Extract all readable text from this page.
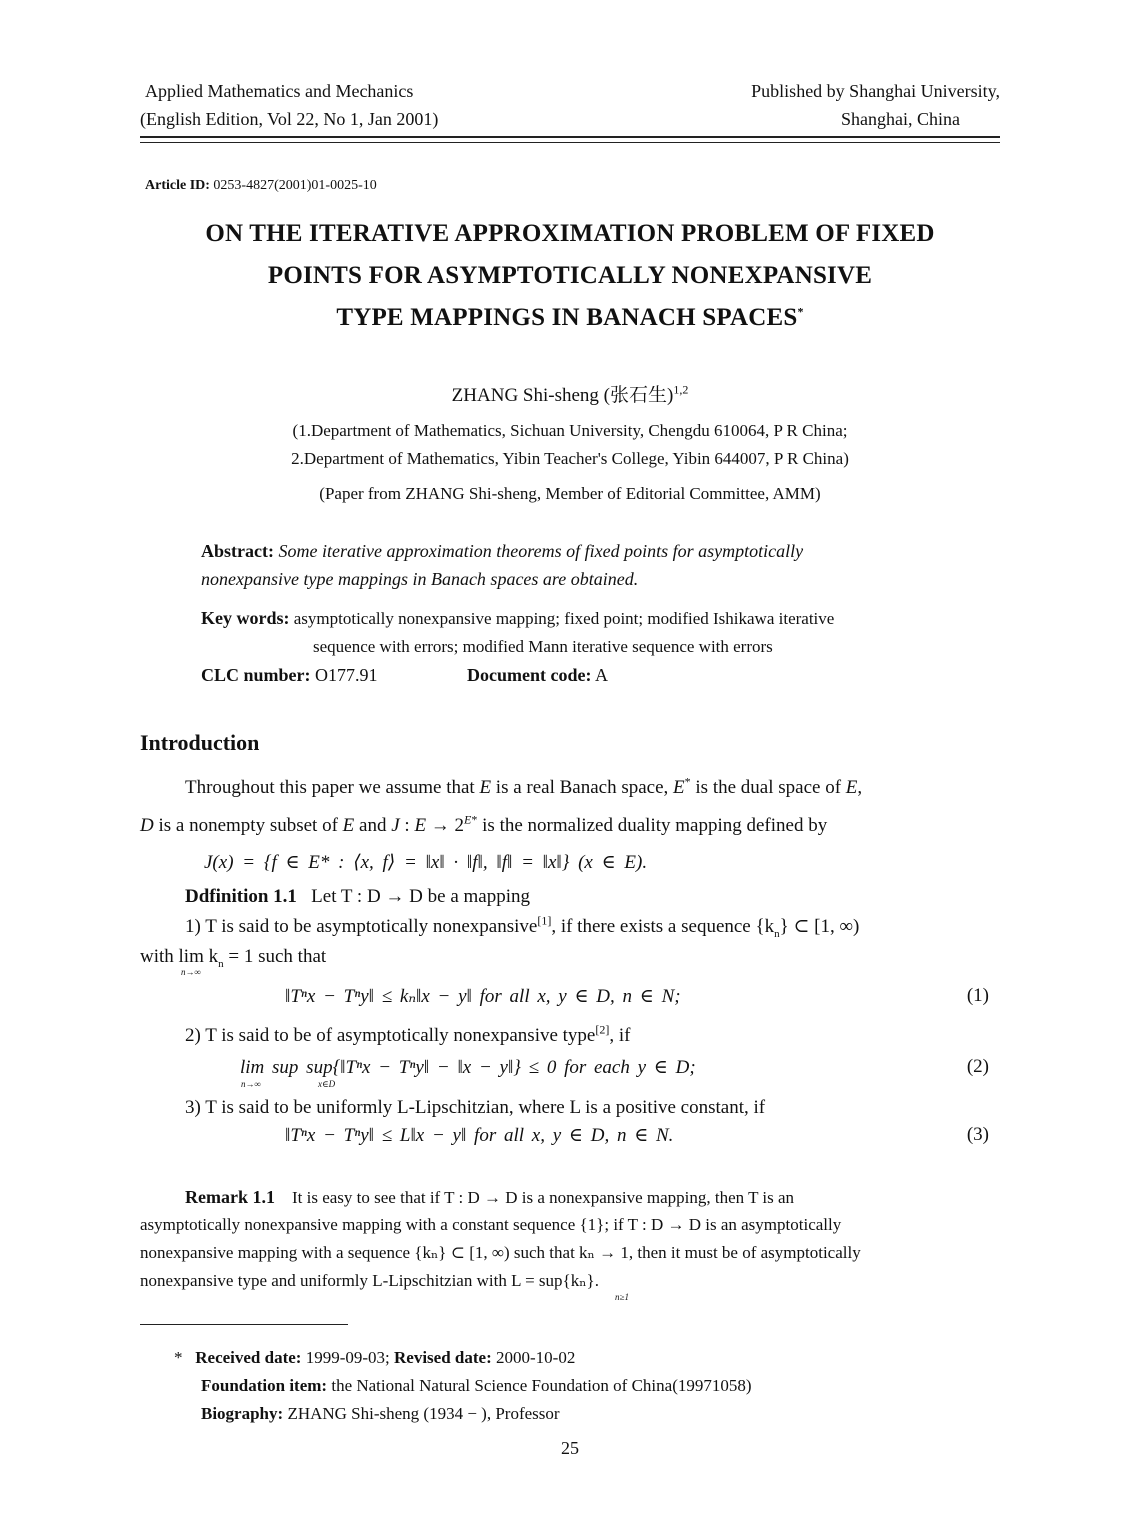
Applied Mathematics and Mechanics
(English Edition, Vol 22, No 1, Jan 2001)
Published by Shanghai University,
Shanghai, China
Article ID: 0253-4827(2001)01-0025-10
ON THE ITERATIVE APPROXIMATION PROBLEM OF FIXED
POINTS FOR ASYMPTOTICALLY NONEXPANSIVE
TYPE MAPPINGS IN BANACH SPACES*
ZHANG Shi-sheng (张石生)$^{1,2}$
(1.Department of Mathematics, Sichuan University, Chengdu 610064, P R China;
2.Department of Mathematics, Yibin Teacher's College, Yibin 644007, P R China)
(Paper from ZHANG Shi-sheng, Member of Editorial Committee, AMM)
Abstract: Some iterative approximation theorems of fixed points for asymptotically
nonexpansive type mappings in Banach spaces are obtained.
Key words: asymptotically nonexpansive mapping; fixed point; modified Ishikawa iterative
sequence with errors; modified Mann iterative sequence with errors
CLC number: O177.91	Document code: A
Introduction
Throughout this paper we assume that E is a real Banach space, E* is the dual space of E,
D is a nonempty subset of E and J : $E \to 2^{E*}$ is the normalized duality mapping defined by
J(x) = {f ∈ E* : ⟨x, f⟩ = ‖x‖ · ‖f‖, ‖f‖ = ‖x‖} (x ∈ E).
Ddfinition 1.1 Let T : D → D be a mapping
1) T is said to be asymptotically nonexpansive[1], if there exists a sequence $\{k_n\}$ ⊂ [1, ∞)
with $\lim k_n = 1$ such that
n→∞
‖Tⁿx − Tⁿy‖ ≤ kₙ‖x − y‖ for all x, y ∈ D, n ∈ N;	(1)
2) T is said to be of asymptotically nonexpansive type[2], if
lim sup sup{‖Tⁿx − Tⁿy‖ − ‖x − y‖} ≤ 0 for each y ∈ D;
n→∞	x∈D
(2)
3) T is said to be uniformly L-Lipschitzian, where L is a positive constant, if
‖Tⁿx − Tⁿy‖ ≤ L‖x − y‖ for all x, y ∈ D, n ∈ N.	(3)
Remark 1.1 It is easy to see that if T : D → D is a nonexpansive mapping, then T is an
asymptotically nonexpansive mapping with a constant sequence {1}; if T : D → D is an asymptotically
nonexpansive mapping with a sequence {kₙ} ⊂ [1, ∞) such that kₙ → 1, then it must be of asymptotically
nonexpansive type and uniformly L-Lipschitzian with L = sup{kₙ}.
n≥1
* Received date: 1999-09-03; Revised date: 2000-10-02
Foundation item: the National Natural Science Foundation of China(19971058)
Biography: ZHANG Shi-sheng (1934 − ), Professor
25
